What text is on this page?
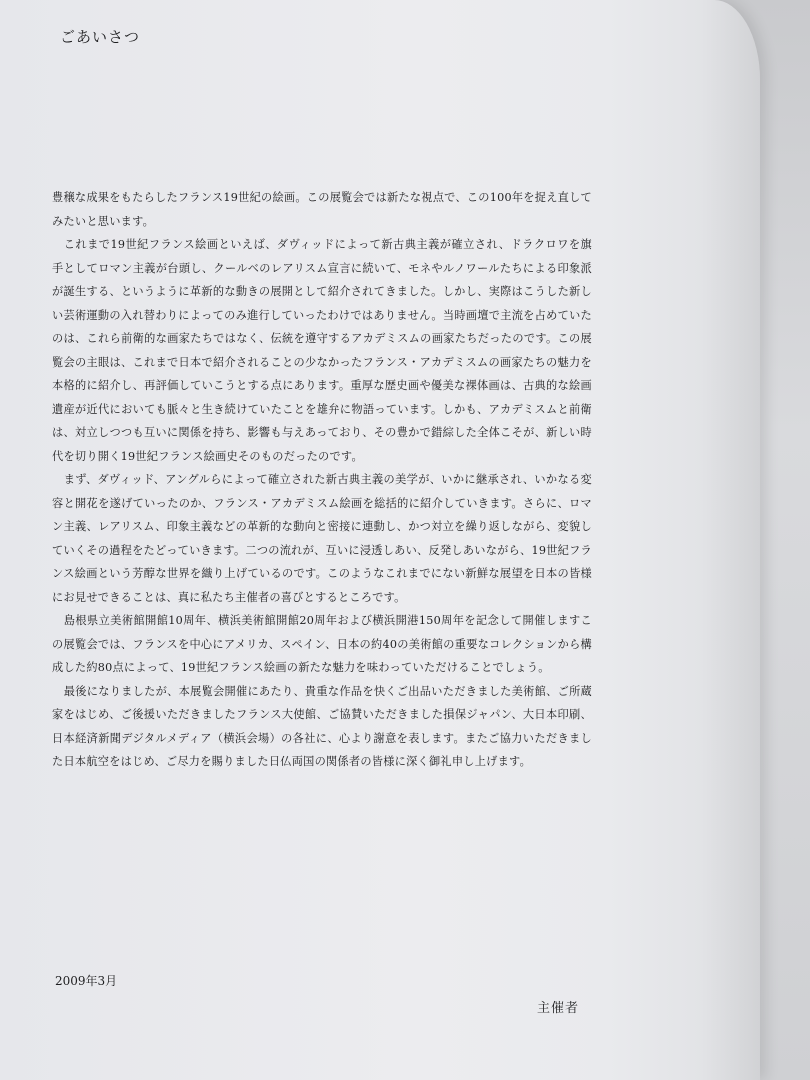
ごあいさつ

豊穣な成果をもたらしたフランス19世紀の絵画。この展覧会では新たな視点で、この100年を捉え直してみたいと思います。

これまで19世紀フランス絵画といえば、ダヴィッドによって新古典主義が確立され、ドラクロワを旗手としてロマン主義が台頭し、クールベのレアリスム宣言に続いて、モネやルノワールたちによる印象派が誕生する、というように革新的な動きの展開として紹介されてきました。しかし、実際はこうした新しい芸術運動の入れ替わりによってのみ進行していったわけではありません。当時画壇で主流を占めていたのは、これら前衛的な画家たちではなく、伝統を遵守するアカデミスムの画家たちだったのです。この展覧会の主眼は、これまで日本で紹介されることの少なかったフランス・アカデミスムの画家たちの魅力を本格的に紹介し、再評価していこうとする点にあります。重厚な歴史画や優美な裸体画は、古典的な絵画遺産が近代においても脈々と生き続けていたことを雄弁に物語っています。しかも、アカデミスムと前衛は、対立しつつも互いに関係を持ち、影響も与えあっており、その豊かで錯綜した全体こそが、新しい時代を切り開く19世紀フランス絵画史そのものだったのです。

まず、ダヴィッド、アングルらによって確立された新古典主義の美学が、いかに継承され、いかなる変容と開花を遂げていったのか、フランス・アカデミスム絵画を総括的に紹介していきます。さらに、ロマン主義、レアリスム、印象主義などの革新的な動向と密接に連動し、かつ対立を繰り返しながら、変貌していくその過程をたどっていきます。二つの流れが、互いに浸透しあい、反発しあいながら、19世紀フランス絵画という芳醇な世界を織り上げているのです。このようなこれまでにない新鮮な展望を日本の皆様にお見せできることは、真に私たち主催者の喜びとするところです。

島根県立美術館開館10周年、横浜美術館開館20周年および横浜開港150周年を記念して開催しますこの展覧会では、フランスを中心にアメリカ、スペイン、日本の約40の美術館の重要なコレクションから構成した約80点によって、19世紀フランス絵画の新たな魅力を味わっていただけることでしょう。

最後になりましたが、本展覧会開催にあたり、貴重な作品を快くご出品いただきました美術館、ご所蔵家をはじめ、ご後援いただきましたフランス大使館、ご協賛いただきました損保ジャパン、大日本印刷、日本経済新聞デジタルメディア（横浜会場）の各社に、心より謝意を表します。またご協力いただきました日本航空をはじめ、ご尽力を賜りました日仏両国の関係者の皆様に深く御礼申し上げます。

2009年3月
主催者
